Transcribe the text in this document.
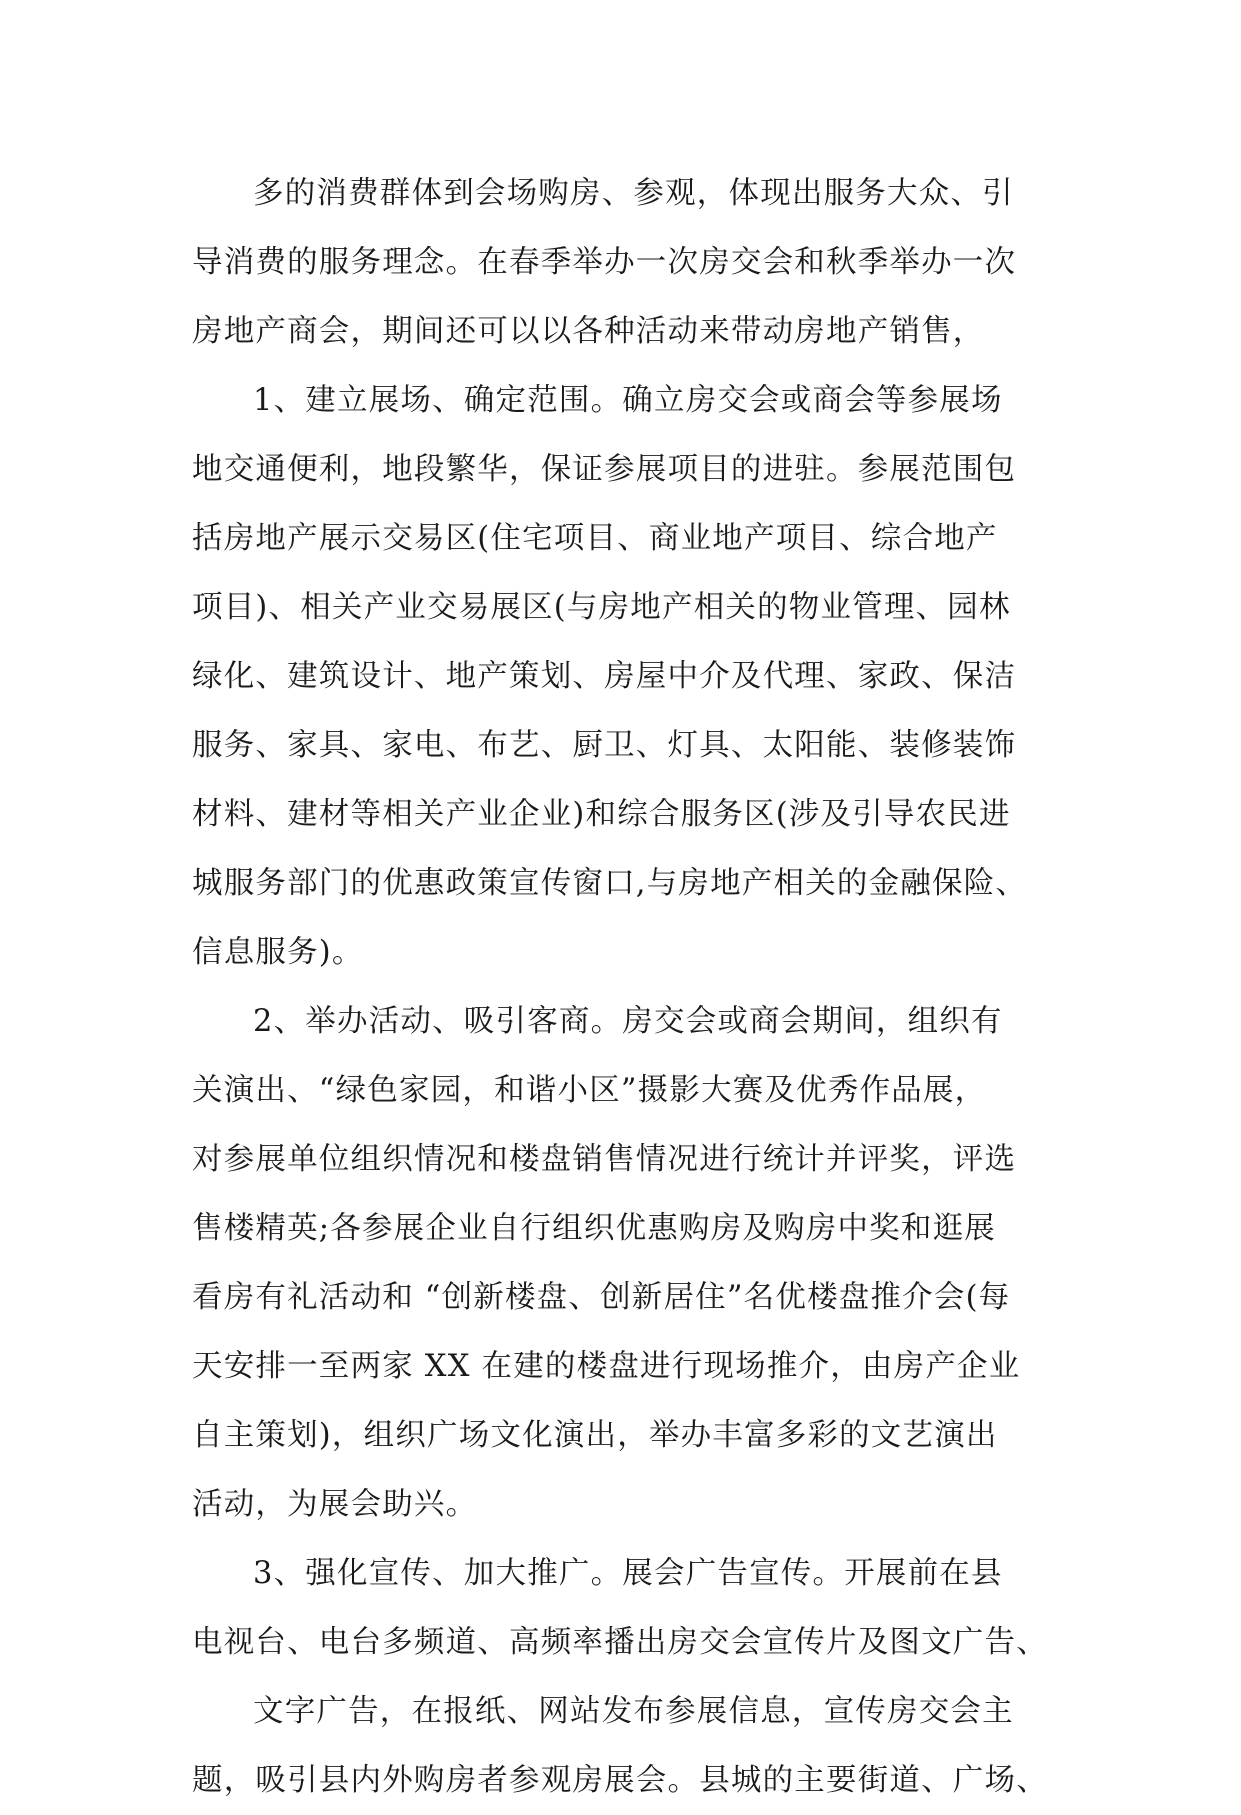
多的消费群体到会场购房、参观，体现出服务大众、引
导消费的服务理念。在春季举办一次房交会和秋季举办一次
房地产商会，期间还可以以各种活动来带动房地产销售，
1、建立展场、确定范围。确立房交会或商会等参展场
地交通便利，地段繁华，保证参展项目的进驻。参展范围包
括房地产展示交易区(住宅项目、商业地产项目、综合地产
项目)、相关产业交易展区(与房地产相关的物业管理、园林
绿化、建筑设计、地产策划、房屋中介及代理、家政、保洁
服务、家具、家电、布艺、厨卫、灯具、太阳能、装修装饰
材料、建材等相关产业企业)和综合服务区(涉及引导农民进
城服务部门的优惠政策宣传窗口,与房地产相关的金融保险、
信息服务)。
2、举办活动、吸引客商。房交会或商会期间，组织有
关演出、“绿色家园，和谐小区”摄影大赛及优秀作品展，
对参展单位组织情况和楼盘销售情况进行统计并评奖，评选
售楼精英;各参展企业自行组织优惠购房及购房中奖和逛展
看房有礼活动和 “创新楼盘、创新居住”名优楼盘推介会(每
天安排一至两家 XX 在建的楼盘进行现场推介，由房产企业
自主策划)，组织广场文化演出，举办丰富多彩的文艺演出
活动，为展会助兴。
3、强化宣传、加大推广。展会广告宣传。开展前在县
电视台、电台多频道、高频率播出房交会宣传片及图文广告、
文字广告，在报纸、网站发布参展信息，宣传房交会主
题，吸引县内外购房者参观房展会。县城的主要街道、广场、
